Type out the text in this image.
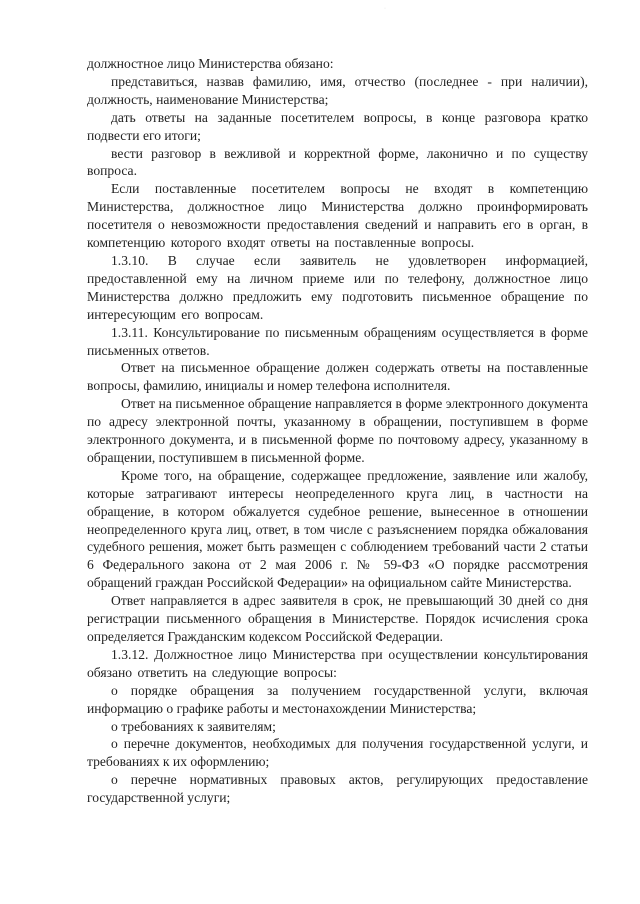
·

должностное лицо Министерства обязано:

представиться, назвав фамилию, имя, отчество (последнее - при наличии), должность, наименование Министерства;

дать ответы на заданные посетителем вопросы, в конце разговора кратко подвести его итоги;

вести разговор в вежливой и корректной форме, лаконично и по существу вопроса.

Если поставленные посетителем вопросы не входят в компетенцию Министерства, должностное лицо Министерства должно проинформировать посетителя о невозможности предоставления сведений и направить его в орган, в компетенцию которого входят ответы на поставленные вопросы.

1.3.10. В случае если заявитель не удовлетворен информацией, предоставленной ему на личном приеме или по телефону, должностное лицо Министерства должно предложить ему подготовить письменное обращение по интересующим его вопросам.

1.3.11. Консультирование по письменным обращениям осуществляется в форме письменных ответов.

Ответ на письменное обращение должен содержать ответы на поставленные вопросы, фамилию, инициалы и номер телефона исполнителя.

Ответ на письменное обращение направляется в форме электронного документа по адресу электронной почты, указанному в обращении, поступившем в форме электронного документа, и в письменной форме по почтовому адресу, указанному в обращении, поступившем в письменной форме.

Кроме того, на обращение, содержащее предложение, заявление или жалобу, которые затрагивают интересы неопределенного круга лиц, в частности на обращение, в котором обжалуется судебное решение, вынесенное в отношении неопределенного круга лиц, ответ, в том числе с разъяснением порядка обжалования судебного решения, может быть размещен с соблюдением требований части 2 статьи 6 Федерального закона от 2 мая 2006 г. № 59-ФЗ «О порядке рассмотрения обращений граждан Российской Федерации» на официальном сайте Министерства.

Ответ направляется в адрес заявителя в срок, не превышающий 30 дней со дня регистрации письменного обращения в Министерстве. Порядок исчисления срока определяется Гражданским кодексом Российской Федерации.

1.3.12. Должностное лицо Министерства при осуществлении консультирования обязано ответить на следующие вопросы:

о порядке обращения за получением государственной услуги, включая информацию о графике работы и местонахождении Министерства;

о требованиях к заявителям;

о перечне документов, необходимых для получения государственной услуги, и требованиях к их оформлению;

о перечне нормативных правовых актов, регулирующих предоставление государственной услуги;
